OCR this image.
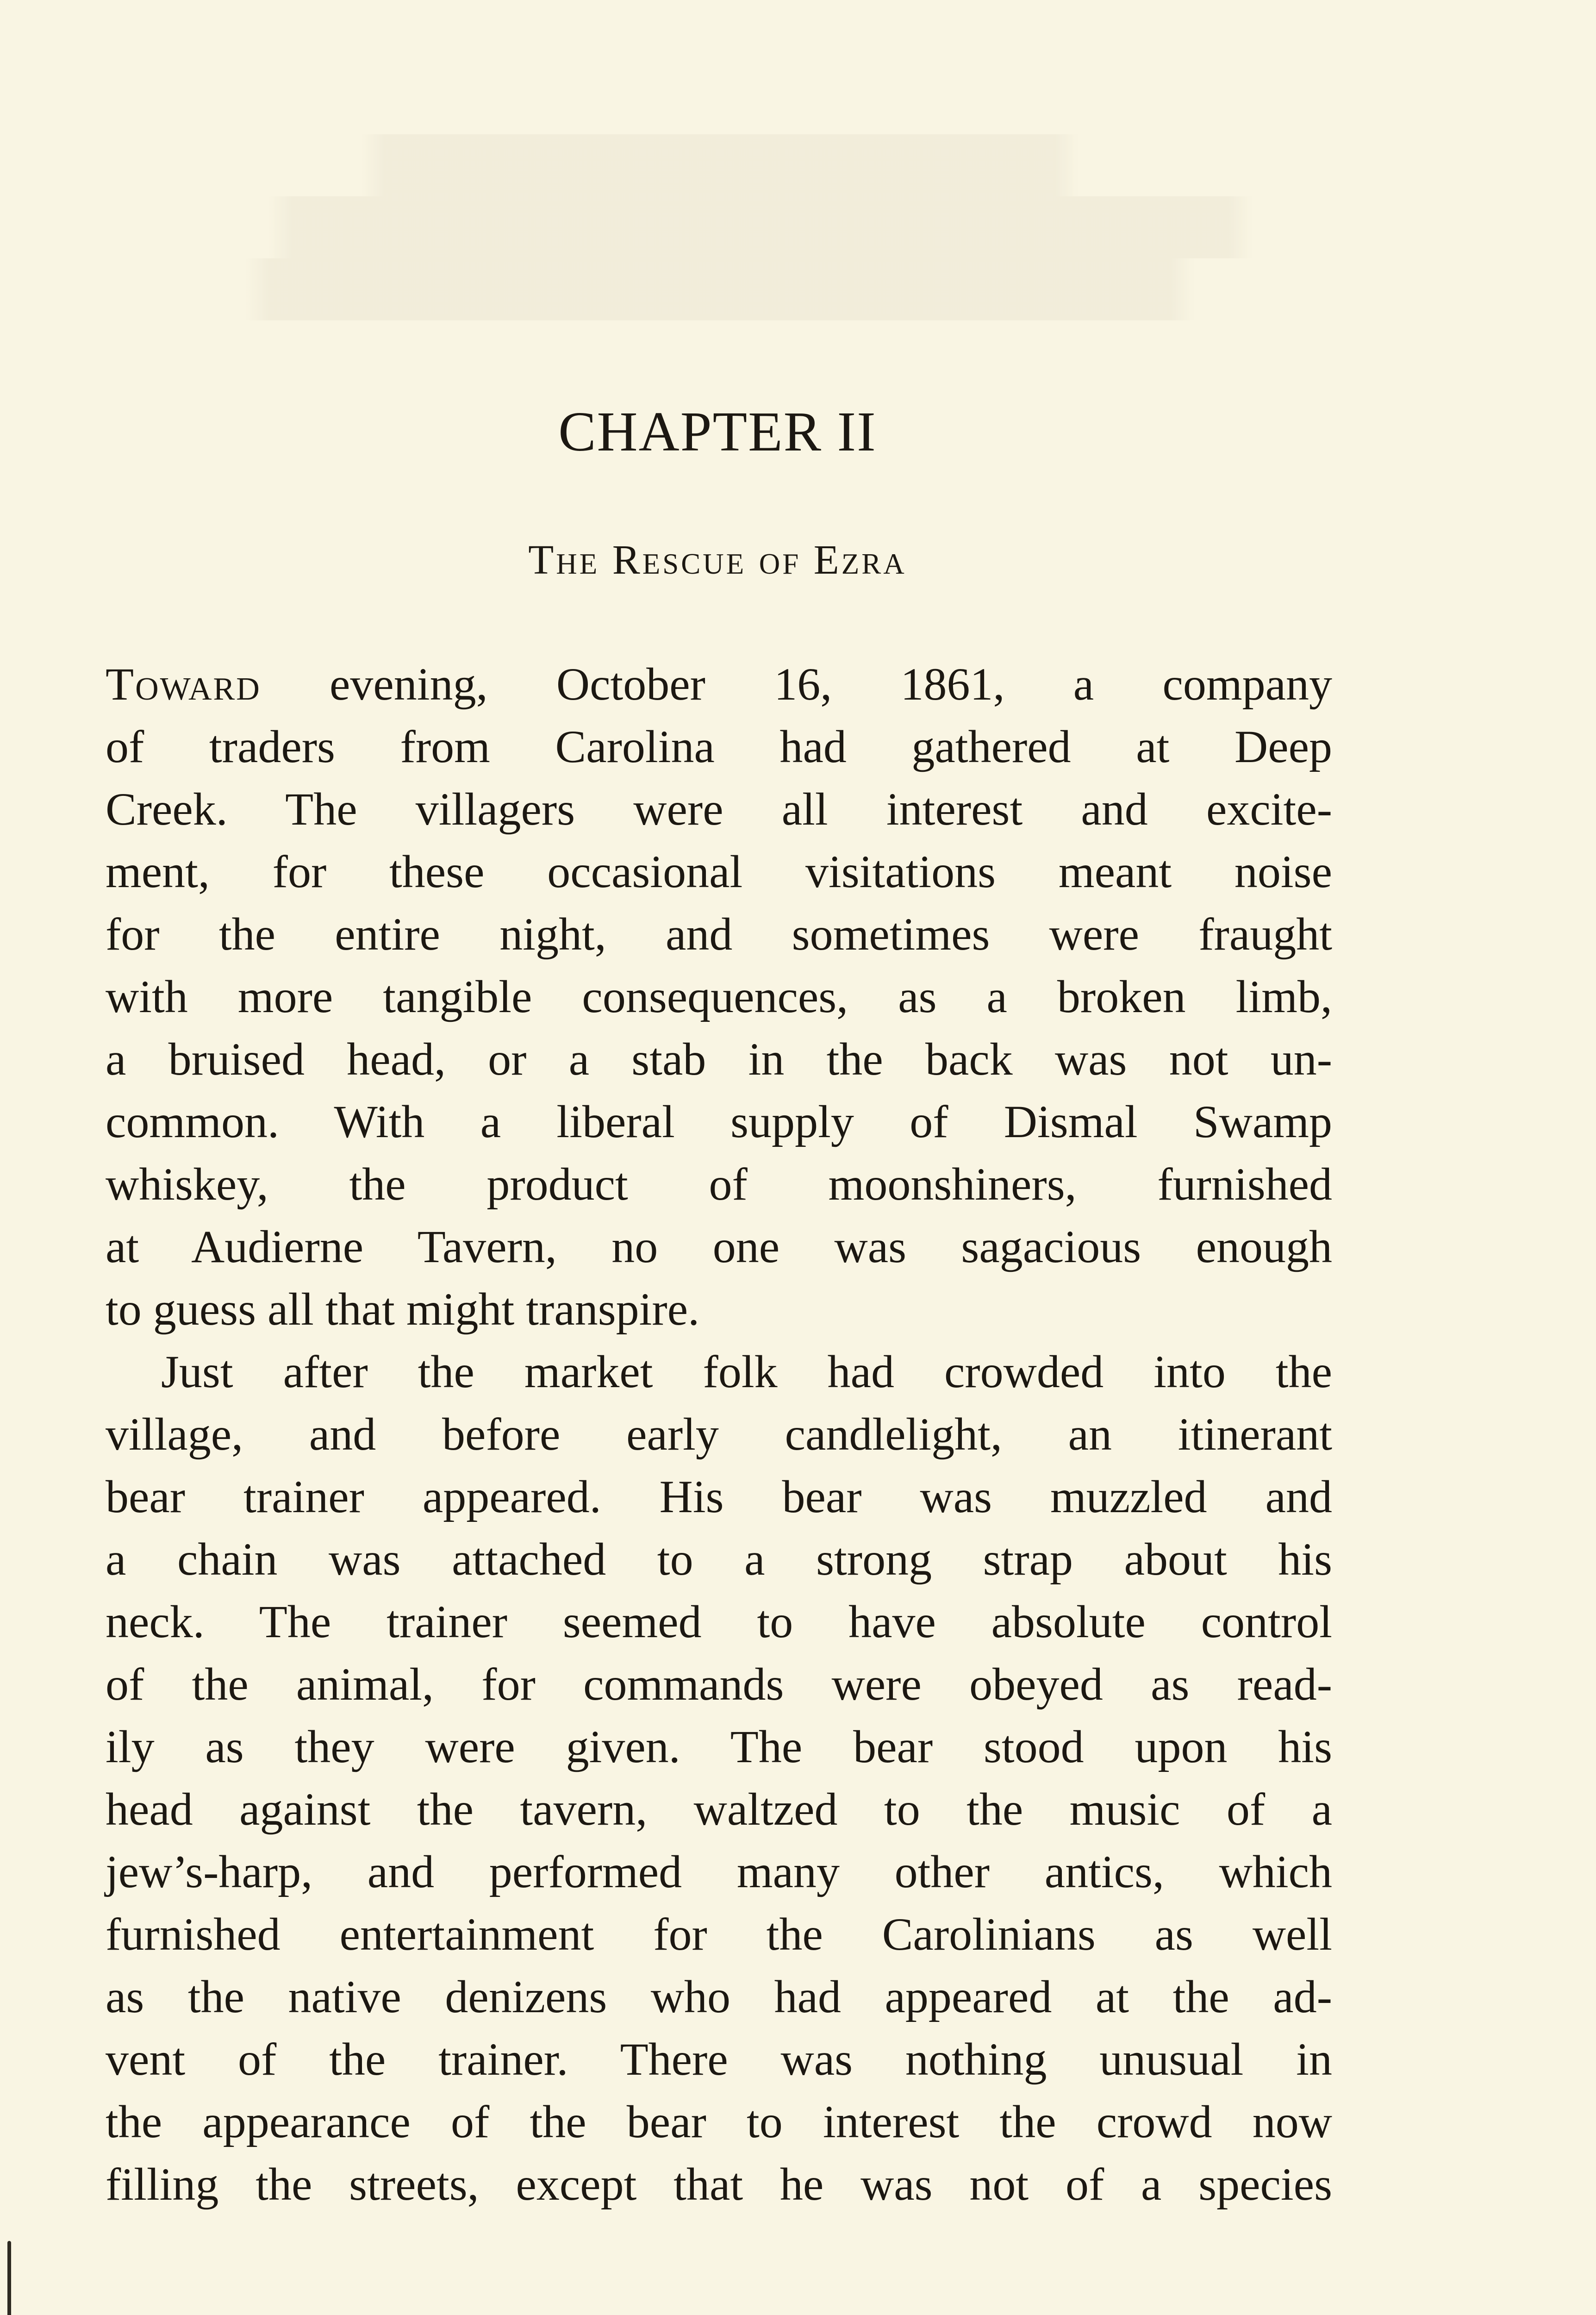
CHAPTER II
The Rescue of Ezra
Toward evening, October 16, 1861, a company
of traders from Carolina had gathered at Deep
Creek. The villagers were all interest and excite-
ment, for these occasional visitations meant noise
for the entire night, and sometimes were fraught
with more tangible consequences, as a broken limb,
a bruised head, or a stab in the back was not un-
common. With a liberal supply of Dismal Swamp
whiskey, the product of moonshiners, furnished
at Audierne Tavern, no one was sagacious enough
to guess all that might transpire.
Just after the market folk had crowded into the
village, and before early candlelight, an itinerant
bear trainer appeared. His bear was muzzled and
a chain was attached to a strong strap about his
neck. The trainer seemed to have absolute control
of the animal, for commands were obeyed as read-
ily as they were given. The bear stood upon his
head against the tavern, waltzed to the music of a
jew’s-harp, and performed many other antics, which
furnished entertainment for the Carolinians as well
as the native denizens who had appeared at the ad-
vent of the trainer. There was nothing unusual in
the appearance of the bear to interest the crowd now
filling the streets, except that he was not of a species
